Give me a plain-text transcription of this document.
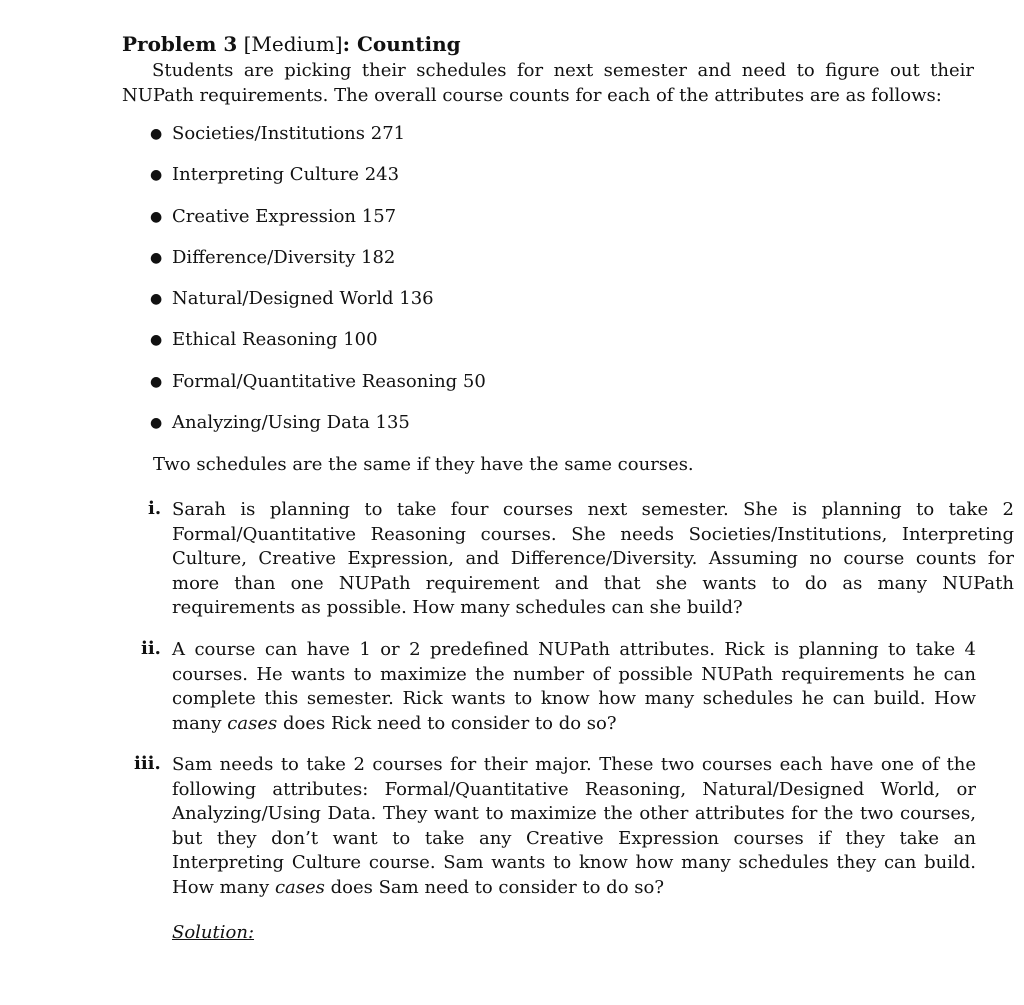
Problem 3 [Medium]: Counting

Students are picking their schedules for next semester and need to figure out their NUPath requirements. The overall course counts for each of the attributes are as follows:

● Societies/Institutions 271
● Interpreting Culture 243
● Creative Expression 157
● Difference/Diversity 182
● Natural/Designed World 136
● Ethical Reasoning 100
● Formal/Quantitative Reasoning 50
● Analyzing/Using Data 135

Two schedules are the same if they have the same courses.

i. Sarah is planning to take four courses next semester. She is planning to take 2 Formal/Quantitative Reasoning courses. She needs Societies/Institutions, Interpreting Culture, Creative Expression, and Difference/Diversity. Assuming no course counts for more than one NUPath requirement and that she wants to do as many NUPath requirements as possible. How many schedules can she build?

ii. A course can have 1 or 2 predefined NUPath attributes. Rick is planning to take 4 courses. He wants to maximize the number of possible NUPath requirements he can complete this semester. Rick wants to know how many schedules he can build. How many cases does Rick need to consider to do so?

iii. Sam needs to take 2 courses for their major. These two courses each have one of the following attributes: Formal/Quantitative Reasoning, Natural/Designed World, or Analyzing/Using Data. They want to maximize the other attributes for the two courses, but they don’t want to take any Creative Expression courses if they take an Interpreting Culture course. Sam wants to know how many schedules they can build. How many cases does Sam need to consider to do so?

Solution:
